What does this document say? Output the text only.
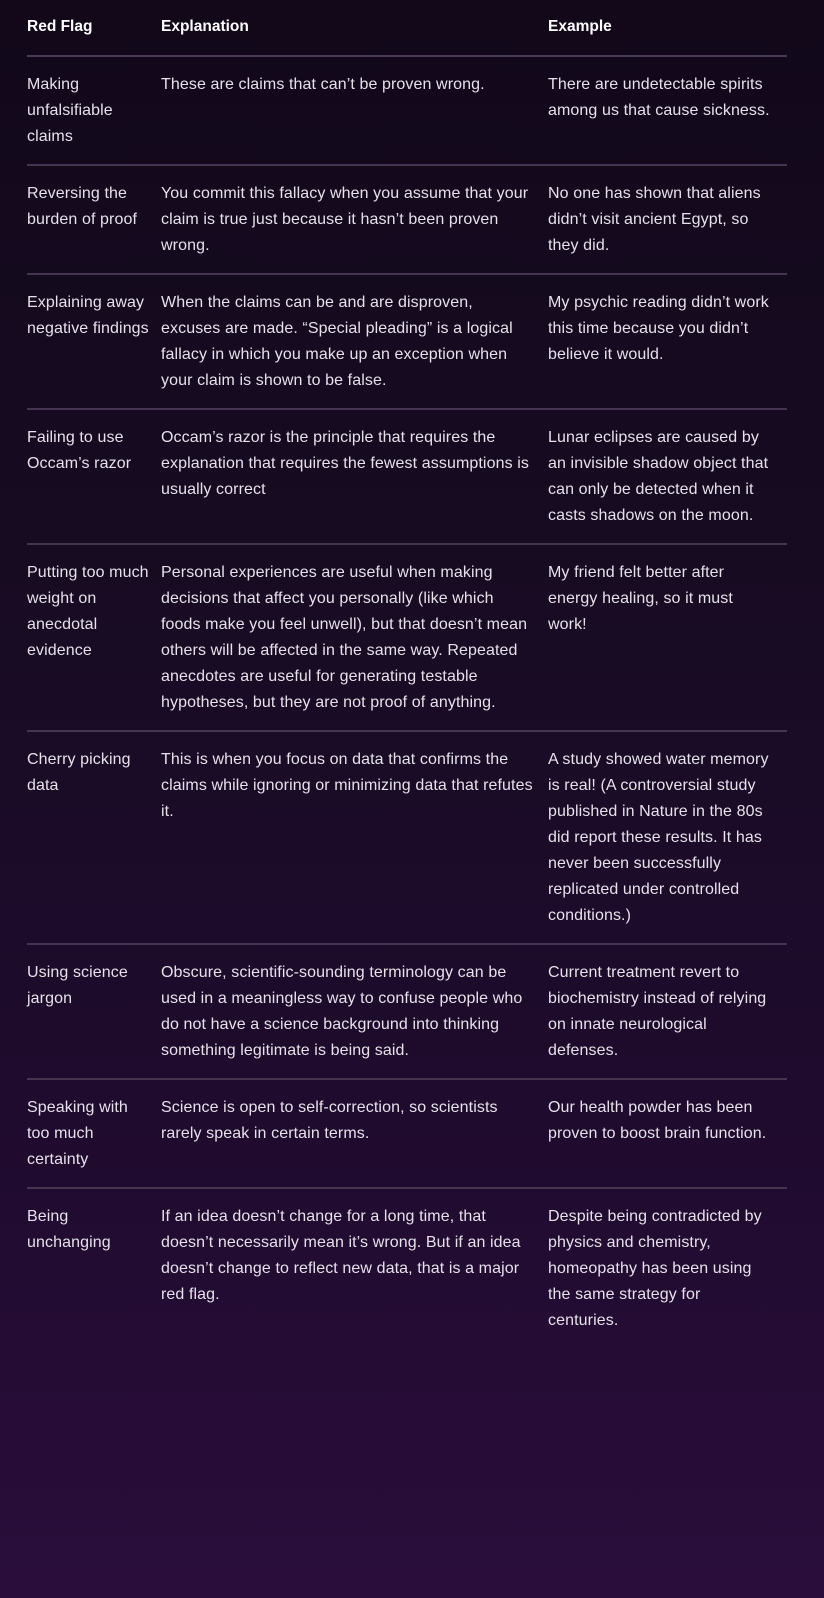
Red Flag	Explanation	Example
Making unfalsifiable claims	These are claims that can’t be proven wrong.	There are undetectable spirits among us that cause sickness.
Reversing the burden of proof	You commit this fallacy when you assume that your claim is true just because it hasn’t been proven wrong.	No one has shown that aliens didn’t visit ancient Egypt, so they did.
Explaining away negative findings	When the claims can be and are disproven, excuses are made. “Special pleading” is a logical fallacy in which you make up an exception when your claim is shown to be false.	My psychic reading didn’t work this time because you didn’t believe it would.
Failing to use Occam’s razor	Occam’s razor is the principle that requires the explanation that requires the fewest assumptions is usually correct	Lunar eclipses are caused by an invisible shadow object that can only be detected when it casts shadows on the moon.
Putting too much weight on anecdotal evidence	Personal experiences are useful when making decisions that affect you personally (like which foods make you feel unwell), but that doesn’t mean others will be affected in the same way. Repeated anecdotes are useful for generating testable hypotheses, but they are not proof of anything.	My friend felt better after energy healing, so it must work!
Cherry picking data	This is when you focus on data that confirms the claims while ignoring or minimizing data that refutes it.	A study showed water memory is real! (A controversial study published in Nature in the 80s did report these results. It has never been successfully replicated under controlled conditions.)
Using science jargon	Obscure, scientific-sounding terminology can be used in a meaningless way to confuse people who do not have a science background into thinking something legitimate is being said.	Current treatment revert to biochemistry instead of relying on innate neurological defenses.
Speaking with too much certainty	Science is open to self-correction, so scientists rarely speak in certain terms.	Our health powder has been proven to boost brain function.
Being unchanging	If an idea doesn’t change for a long time, that doesn’t necessarily mean it’s wrong. But if an idea doesn’t change to reflect new data, that is a major red flag.	Despite being contradicted by physics and chemistry, homeopathy has been using the same strategy for centuries.
